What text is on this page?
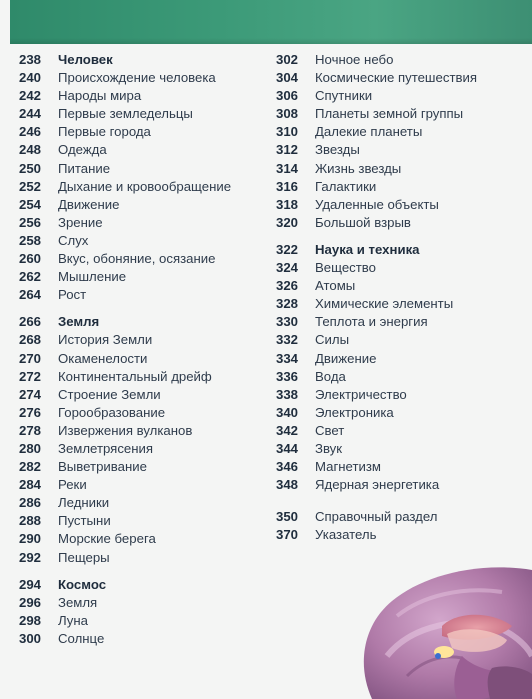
238	Человек
240	Происхождение человека
242	Народы мира
244	Первые земледельцы
246	Первые города
248	Одежда
250	Питание
252	Дыхание и кровообращение
254	Движение
256	Зрение
258	Слух
260	Вкус, обоняние, осязание
262	Мышление
264	Рост
266	Земля
268	История Земли
270	Окаменелости
272	Континентальный дрейф
274	Строение Земли
276	Горообразование
278	Извержения вулканов
280	Землетрясения
282	Выветривание
284	Реки
286	Ледники
288	Пустыни
290	Морские берега
292	Пещеры
294	Космос
296	Земля
298	Луна
300	Солнце
302	Ночное небо
304	Космические путешествия
306	Спутники
308	Планеты земной группы
310	Далекие планеты
312	Звезды
314	Жизнь звезды
316	Галактики
318	Удаленные объекты
320	Большой взрыв
322	Наука и техника
324	Вещество
326	Атомы
328	Химические элементы
330	Теплота и энергия
332	Силы
334	Движение
336	Вода
338	Электричество
340	Электроника
342	Свет
344	Звук
346	Магнетизм
348	Ядерная энергетика
350	Справочный раздел
370	Указатель
